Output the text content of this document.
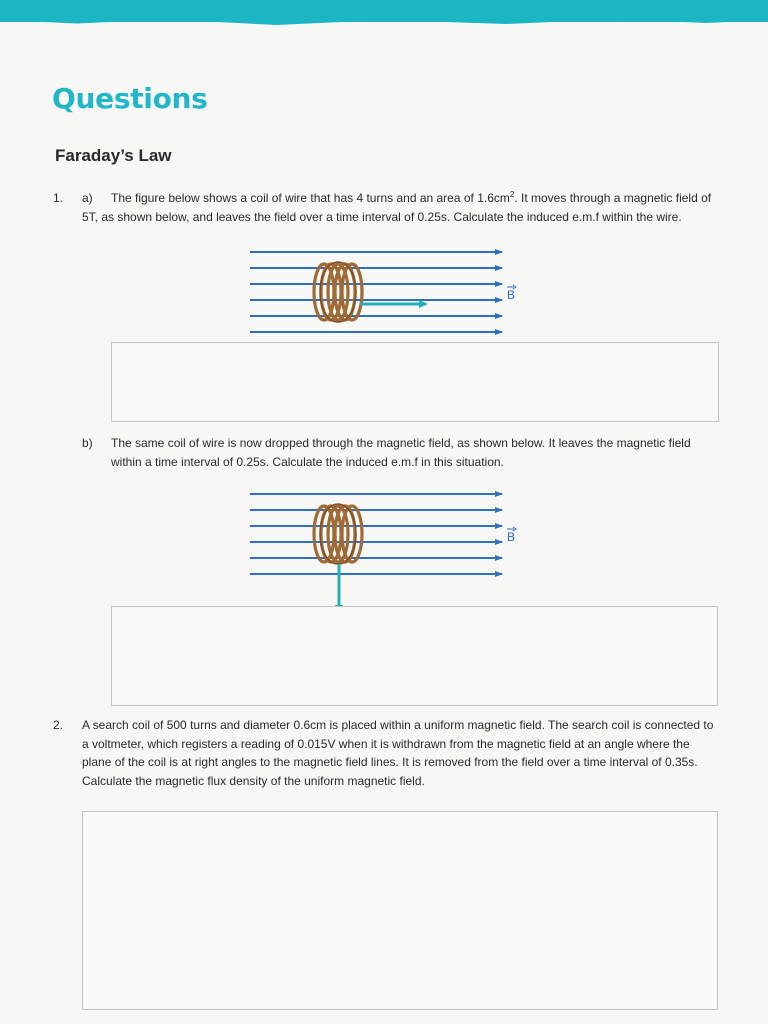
Questions
Faraday’s Law
1. a)	The figure below shows a coil of wire that has 4 turns and an area of $1.6cm^2$. It moves through a magnetic field of 5T, as shown below, and leaves the field over a time interval of 0.25s. Calculate the induced e.m.f within the wire.
B
b) The same coil of wire is now dropped through the magnetic field, as shown below. It leaves the magnetic field within a time interval of 0.25s. Calculate the induced e.m.f in this situation.
B
2. A search coil of 500 turns and diameter 0.6cm is placed within a uniform magnetic field. The search coil is connected to a voltmeter, which registers a reading of 0.015V when it is withdrawn from the magnetic field at an angle where the plane of the coil is at right angles to the magnetic field lines. It is removed from the field over a time interval of 0.35s. Calculate the magnetic flux density of the uniform magnetic field.
